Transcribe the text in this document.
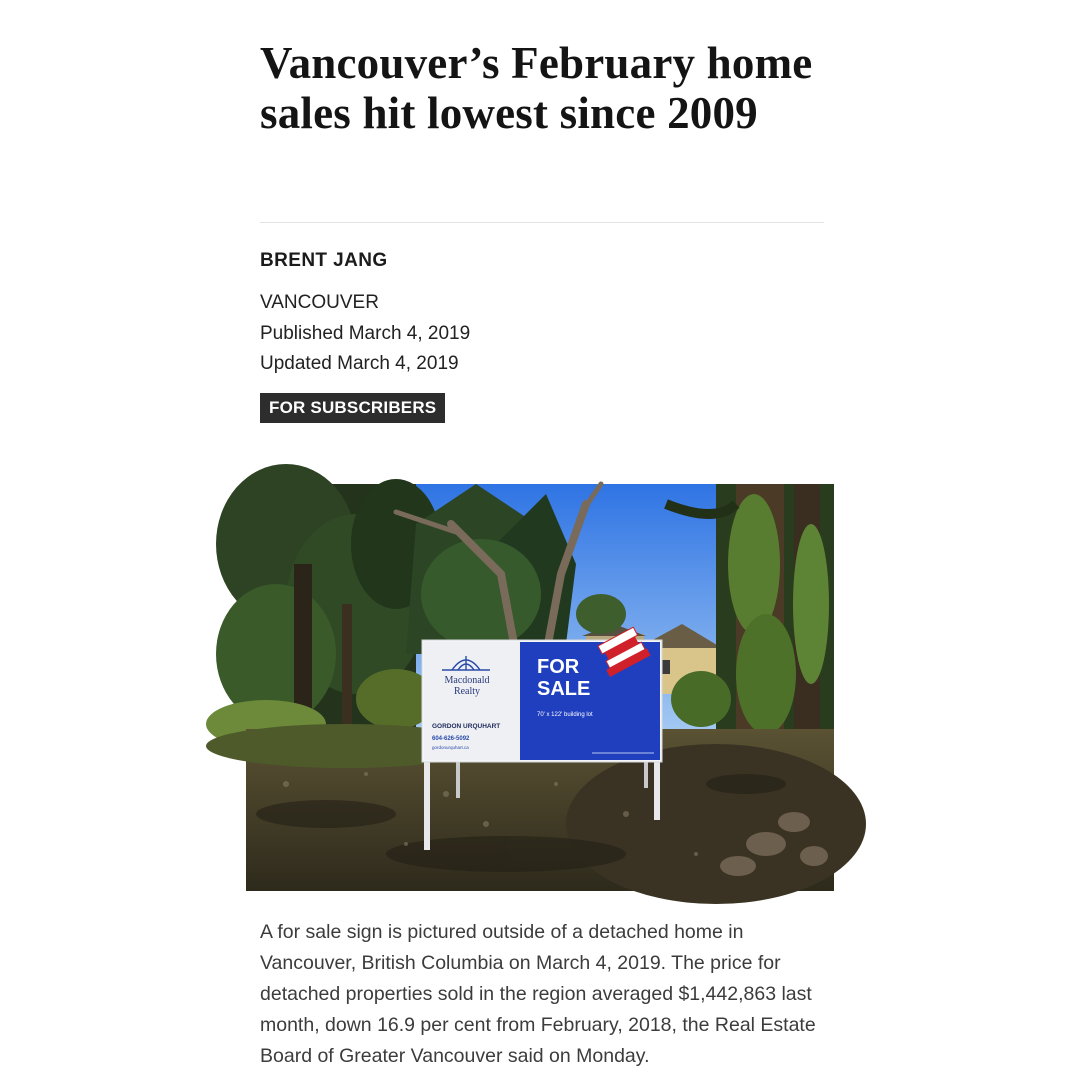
Vancouver’s February home sales hit lowest since 2009
BRENT JANG
VANCOUVER
Published March 4, 2019
Updated March 4, 2019
FOR SUBSCRIBERS
Macdonald
Realty
GORDON URQUHART
604-626-5092
gordonurquhart.ca
FOR
SALE
70' x 122' building lot

A for sale sign is pictured outside of a detached home in Vancouver, British Columbia on March 4, 2019. The price for detached properties sold in the region averaged $1,442,863 last month, down 16.9 per cent from February, 2018, the Real Estate Board of Greater Vancouver said on Monday.
